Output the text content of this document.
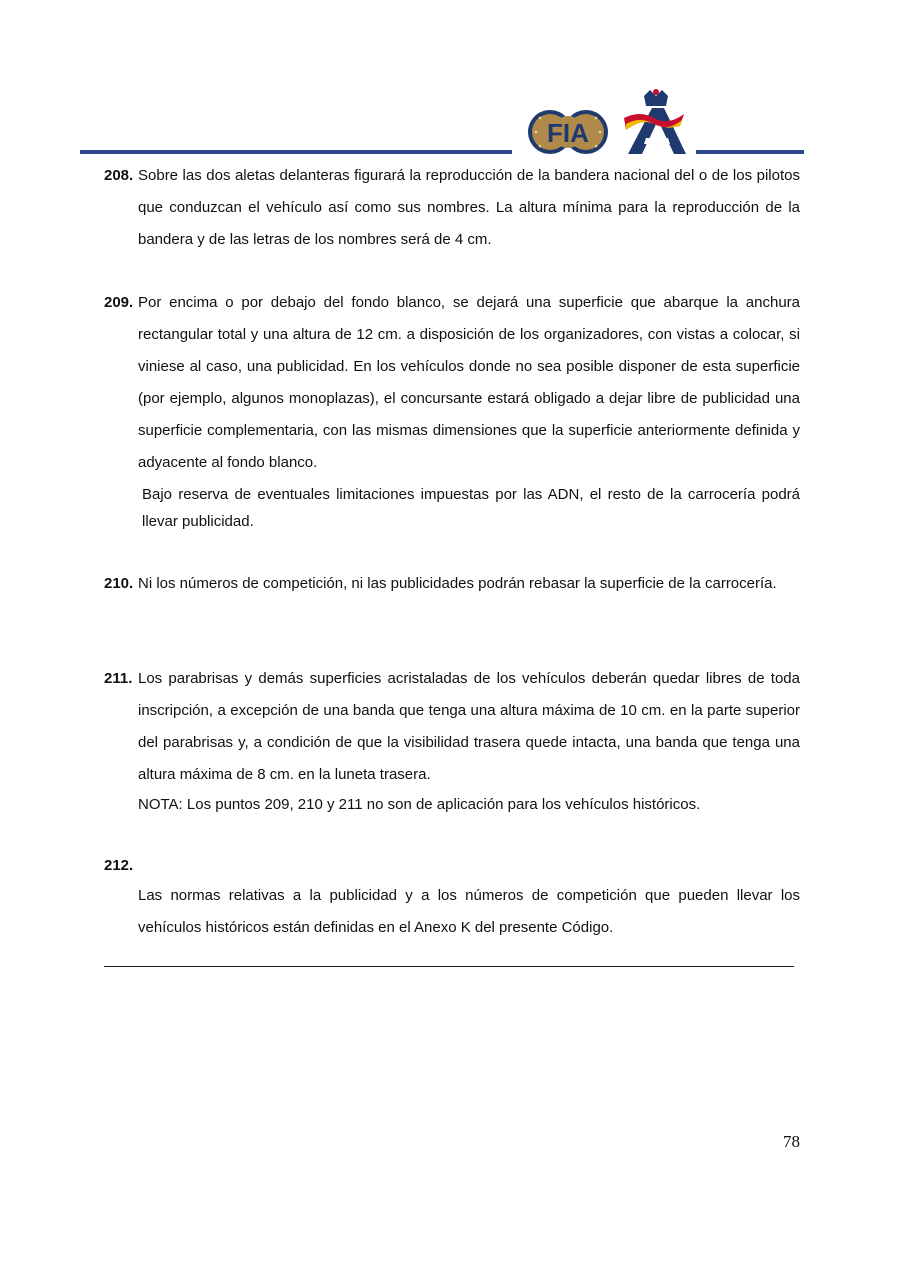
FIA
208. Sobre las dos aletas delanteras figurará la reproducción de la bandera nacional del o de los pilotos que conduzcan el vehículo así como sus nombres. La altura mínima para la reproducción de la bandera y de las letras de los nombres será de 4 cm.
209. Por encima o por debajo del fondo blanco, se dejará una superficie que abarque la anchura rectangular total y una altura de 12 cm. a disposición de los organizadores, con vistas a colocar, si viniese al caso, una publicidad. En los vehículos donde no sea posible disponer de esta superficie (por ejemplo, algunos monoplazas), el concursante estará obligado a dejar libre de publicidad una superficie complementaria, con las mismas dimensiones que la superficie anteriormente definida y adyacente al fondo blanco.
Bajo reserva de eventuales limitaciones impuestas por las ADN, el resto de la carrocería podrá llevar publicidad.
210. Ni los números de competición, ni las publicidades podrán rebasar la superficie de la carrocería.
211. Los parabrisas y demás superficies acristaladas de los vehículos deberán quedar libres de toda inscripción, a excepción de una banda que tenga una altura máxima de 10 cm. en la parte superior del parabrisas y, a condición de que la visibilidad trasera quede intacta, una banda que tenga una altura máxima de 8 cm. en la luneta trasera.
NOTA: Los puntos 209, 210 y 211 no son de aplicación para los vehículos históricos.
212.
Las normas relativas a la publicidad y a los números de competición que pueden llevar los vehículos históricos están definidas en el Anexo K del presente Código.
78
